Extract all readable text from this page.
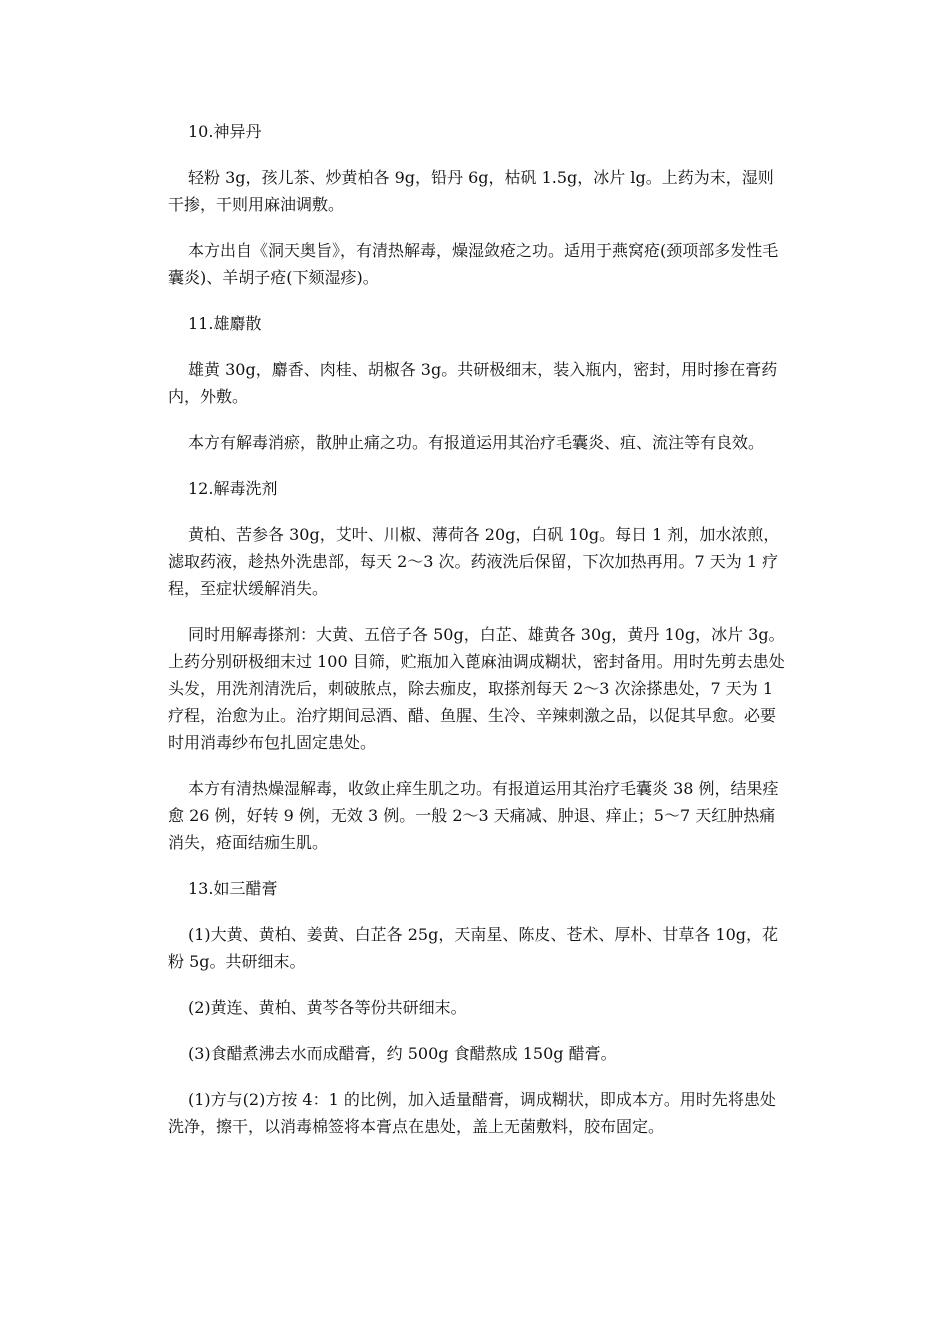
10.神异丹

轻粉 3g，孩儿茶、炒黄柏各 9g，铅丹 6g，枯矾 1.5g，冰片 lg。上药为末，湿则干掺，干则用麻油调敷。

本方出自《洞天奥旨》，有清热解毒，燥湿敛疮之功。适用于燕窝疮(颈项部多发性毛囊炎)、羊胡子疮(下颏湿疹)。

11.雄麝散

雄黄 30g，麝香、肉桂、胡椒各 3g。共研极细末，装入瓶内，密封，用时掺在膏药内，外敷。

本方有解毒消瘀，散肿止痛之功。有报道运用其治疗毛囊炎、疽、流注等有良效。

12.解毒洗剂

黄柏、苦参各 30g，艾叶、川椒、薄荷各 20g，白矾 10g。每日 1 剂，加水浓煎，滤取药液，趁热外洗患部，每天 2～3 次。药液洗后保留，下次加热再用。7 天为 1 疗程，至症状缓解消失。

同时用解毒搽剂：大黄、五倍子各 50g，白芷、雄黄各 30g，黄丹 10g，冰片 3g。上药分别研极细末过 100 目筛，贮瓶加入蓖麻油调成糊状，密封备用。用时先剪去患处头发，用洗剂清洗后，刺破脓点，除去痂皮，取搽剂每天 2～3 次涂搽患处，7 天为 1 疗程，治愈为止。治疗期间忌酒、醋、鱼腥、生冷、辛辣刺激之品，以促其早愈。必要时用消毒纱布包扎固定患处。

本方有清热燥湿解毒，收敛止痒生肌之功。有报道运用其治疗毛囊炎 38 例，结果痊愈 26 例，好转 9 例，无效 3 例。一般 2～3 天痛减、肿退、痒止；5～7 天红肿热痛消失，疮面结痂生肌。

13.如三醋膏

(1)大黄、黄柏、姜黄、白芷各 25g，天南星、陈皮、苍术、厚朴、甘草各 10g，花粉 5g。共研细末。

(2)黄连、黄柏、黄芩各等份共研细末。

(3)食醋煮沸去水而成醋膏，约 500g 食醋熬成 150g 醋膏。

(1)方与(2)方按 4：1 的比例，加入适量醋膏，调成糊状，即成本方。用时先将患处洗净，擦干，以消毒棉签将本膏点在患处，盖上无菌敷料，胶布固定。
